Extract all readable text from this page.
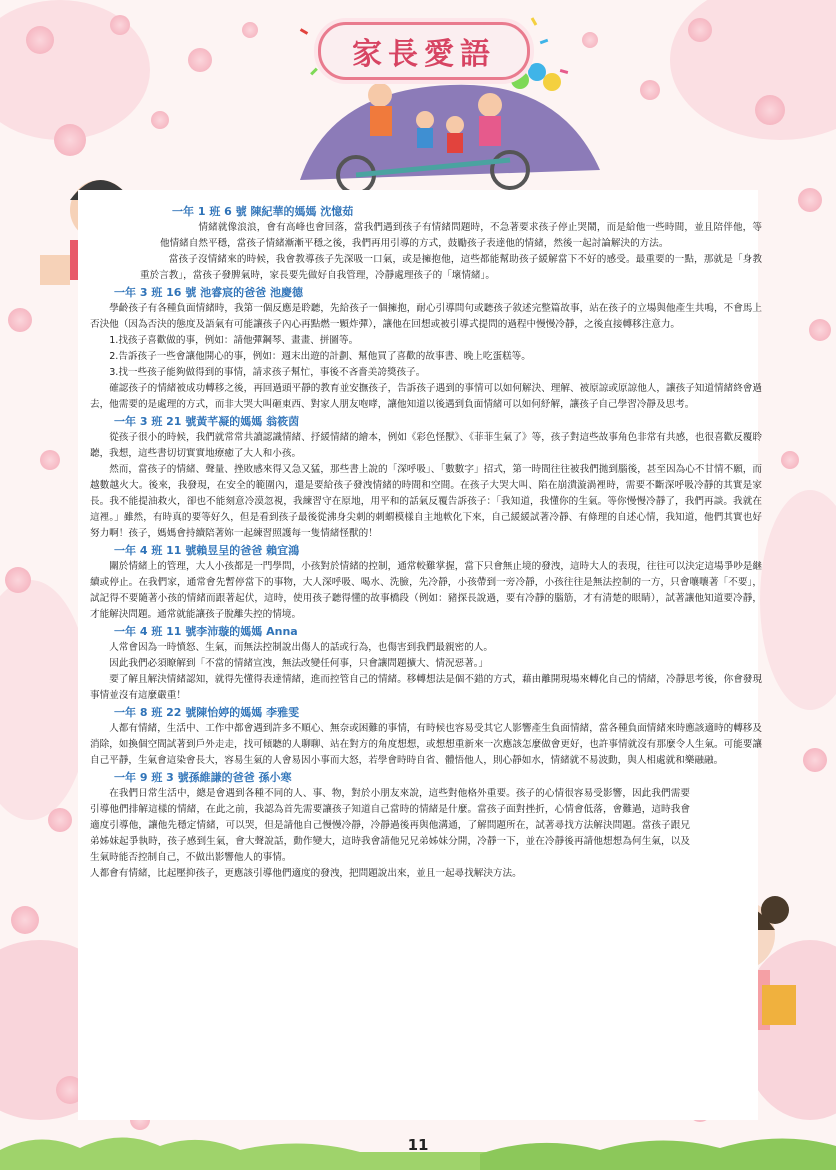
家長愛語

一年 1 班 6 號 陳紀華的媽媽 沈憶茹

情緒就像浪浪，會有高峰也會回落，當我們遇到孩子有情緒問題時，不急著要求孩子停止哭鬧，而是給他一些時間，並且陪伴他，等他情緒自然平穩，當孩子情緒漸漸平穩之後，我們再用引導的方式，鼓勵孩子表達他的情緒，然後一起討論解決的方法。

當孩子沒情緒來的時候，我會教導孩子先深吸一口氣，或是擁抱他，這些都能幫助孩子緩解當下不好的感受。最重要的一點，那就是「身教重於言教」，當孩子發脾氣時，家長要先做好自我管理，冷靜處理孩子的「壞情緒」。

一年 3 班 16 號 池睿宸的爸爸 池慶德

學齡孩子有各種負面情緒時，我第一個反應是聆聽，先給孩子一個擁抱，耐心引導問句或聽孩子敘述完整篇故事，站在孩子的立場與他產生共鳴，不會馬上否決他（因為否決的態度及語氣有可能讓孩子內心再點燃一顆炸彈），讓他在回想或被引導式提問的過程中慢慢冷靜，之後直接轉移注意力。

1.找孩子喜歡做的事，例如：請他彈鋼琴、畫畫、拼圖等。

2.告訴孩子一些會讓他開心的事，例如：週末出遊的計劃、幫他買了喜歡的故事書、晚上吃蛋糕等。

3.找一些孩子能夠做得到的事情，請求孩子幫忙，事後不吝嗇美誇獎孩子。

確認孩子的情緒被成功轉移之後，再回過頭平靜的教育並安撫孩子，告訴孩子遇到的事情可以如何解決、理解、被原諒或原諒他人，讓孩子知道情緒終會過去，他需要的是處理的方式，而非大哭大叫砸東西、對家人朋友咆哮，讓他知道以後遇到負面情緒可以如何紓解，讓孩子自己學習冷靜及思考。

一年 3 班 21 號黃芊凝的媽媽 翁筱茵

從孩子很小的時候，我們就常常共讀認識情緒、抒緩情緒的繪本，例如《彩色怪獸》、《菲菲生氣了》等，孩子對這些故事角色非常有共感，也很喜歡反覆聆聽，我想，這些書切切實實地療癒了大人和小孩。

然而，當孩子的情緒、聲量、挫敗感來得又急又猛，那些書上說的「深呼吸」、「數數字」招式，第一時間往往被我們拋到腦後，甚至因為心不甘情不願，而越數越火大。後來，我發現，在安全的範圍內，還是要給孩子發洩情緒的時間和空間。在孩子大哭大叫、陷在崩潰漩渦裡時，需要不斷深呼吸冷靜的其實是家長。我不能提油救火，卻也不能刻意冷漠忽視，我練習守在原地，用平和的話氣反覆告訴孩子：「我知道，我懂你的生氣。等你慢慢冷靜了，我們再談。我就在這裡。」雖然，有時真的要等好久，但是看到孩子最後從沸身尖刺的刺蝟模樣自主地軟化下來，自己緩緩試著冷靜、有條理的自述心情，我知道，他們其實也好努力啊！孩子，媽媽會持續陪著妳一起練習照護每一隻情緒怪獸的！

一年 4 班 11 號賴昱呈的爸爸 賴宜鴻

關於情緒上的管理，大人小孩都是一門學問，小孩對於情緒的控制，通常較難掌握，當下只會無止境的發洩，這時大人的表現，往往可以決定這場爭吵是継續或停止。在我們家，通常會先暫停當下的事物，大人深呼吸、喝水、洗臉，先冷靜，小孩帶到一旁冷靜，小孩往往是無法控制的一方，只會嚷嚷著「不要」，試記得不要隨著小孩的情緒而跟著起伏，這時，使用孩子聽得懂的故事橋段（例如：豬探長說過，要有冷靜的腦筋，才有清楚的眼睛），試著讓他知道要冷靜，才能解決問題。通常就能讓孩子脫離失控的情境。

一年 4 班 11 號李沛璇的媽媽 Anna

人常會因為一時憤怒、生氣，而無法控制說出傷人的話或行為，也傷害到我們最親密的人。

因此我們必須瞭解到「不當的情緒宣洩，無法改變任何事，只會讓問題擴大、情況惡著。」

要了解且解決情緒認知，就得先懂得表達情緒，進而控管自己的情緒。移轉想法是個不錯的方式，藉由離開現場來轉化自己的情緒，冷靜思考後，你會發現事情並沒有這麼嚴重！

一年 8 班 22 號陳怡婷的媽媽 李雅雯

人都有情緒，生活中、工作中都會遇到許多不順心、無奈或困難的事情，有時候也容易受其它人影響產生負面情緒，當各種負面情緒來時應該適時的轉移及消除，如換個空間試著到戶外走走，找可傾聽的人聊聊、站在對方的角度想想，或想想重新來一次應該怎麼做會更好，也許事情就沒有那麼令人生氣。可能要讓自己平靜，生氣會這染會長大，容易生氣的人會易因小事而大怒，若學會時時自省、體悟他人，則心靜如水，情緒就不易波動，與人相處就和樂融融。

一年 9 班 3 號孫維謙的爸爸 孫小寒

在我們日常生活中，總是會遇到各種不同的人、事、物，對於小朋友來說，這些對他格外重要。孩子的心情很容易受影響，因此我們需要引導他們排解這樣的情緒，在此之前，我認為首先需要讓孩子知道自己當時的情緒是什麼。當孩子面對挫折，心情會低落，會難過，這時我會適度引導他，讓他先穩定情緒，可以哭，但是請他自己慢慢冷靜，冷靜過後再與他溝通，了解問題所在，試著尋找方法解決問題。當孩子跟兄弟姊妹起爭執時，孩子感到生氣，會大聲說話，動作變大，這時我會請他兄兄弟姊妹分開，冷靜一下，並在冷靜後再請他想想為何生氣，以及生氣時能否控制自己，不做出影響他人的事情。

人都會有情緒，比起壓抑孩子，更應該引導他們適度的發洩，把問題說出來，並且一起尋找解決方法。

11
